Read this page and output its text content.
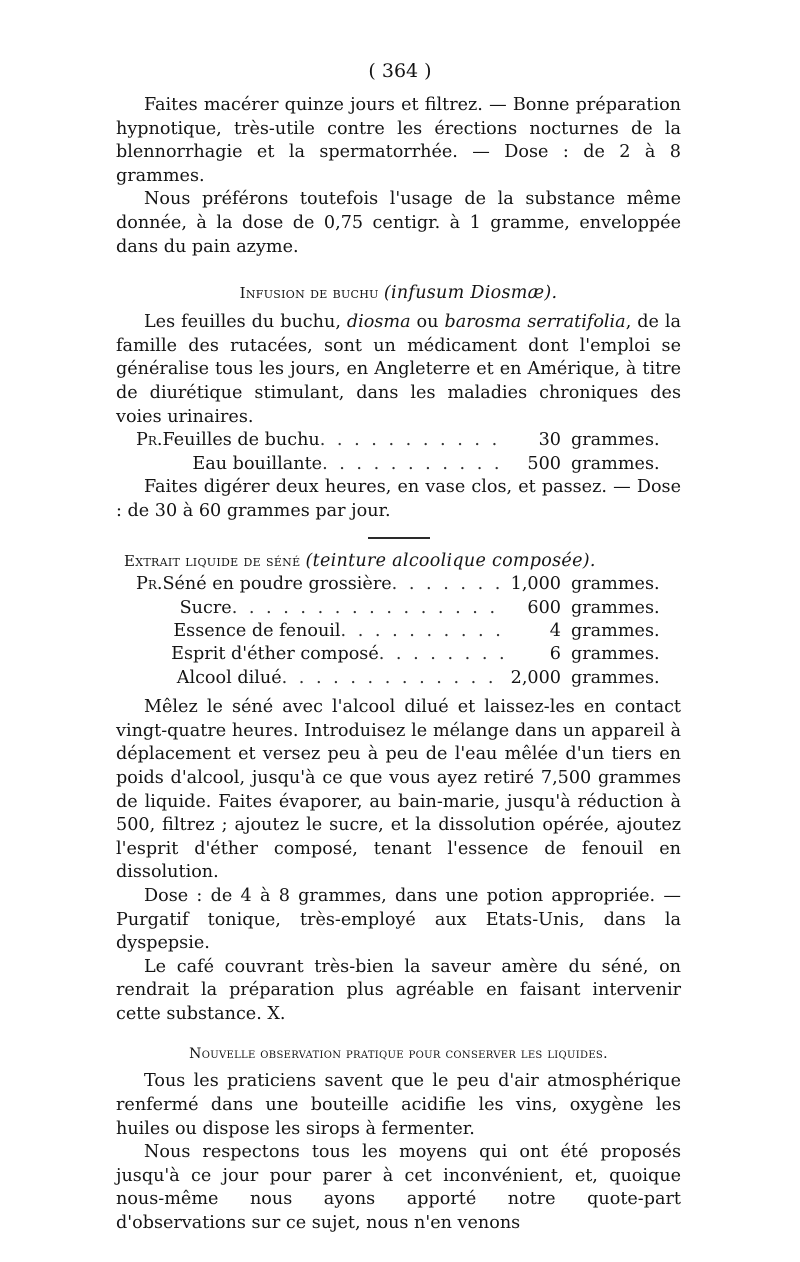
( 364 )

Faites macérer quinze jours et filtrez. — Bonne préparation hypnotique, très-utile contre les érections nocturnes de la blennorrhagie et la spermatorrhée. — Dose : de 2 à 8 grammes.

Nous préférons toutefois l'usage de la substance même donnée, à la dose de 0,75 centigr. à 1 gramme, enveloppée dans du pain azyme.

Infusion de buchu (infusum Diosmæ).

Les feuilles du buchu, diosma ou barosma serratifolia, de la famille des rutacées, sont un médicament dont l'emploi se généralise tous les jours, en Angleterre et en Amérique, à titre de diurétique stimulant, dans les maladies chroniques des voies urinaires.

Pr. Feuilles de buchu . . .	30 grammes.
Eau bouillante . . .	500 grammes.

Faites digérer deux heures, en vase clos, et passez. — Dose : de 30 à 60 grammes par jour.

Extrait liquide de séné (teinture alcoolique composée).
Pr. Séné en poudre grossière . . .	1,000 grammes.
Sucre . . .	600 grammes.
Essence de fenouil . . .	4 grammes.
Esprit d'éther composé . . .	6 grammes.
Alcool dilué . . .	2,000 grammes.

Mêlez le séné avec l'alcool dilué et laissez-les en contact vingt-quatre heures. Introduisez le mélange dans un appareil à déplacement et versez peu à peu de l'eau mêlée d'un tiers en poids d'alcool, jusqu'à ce que vous ayez retiré 7,500 grammes de liquide. Faites évaporer, au bain-marie, jusqu'à réduction à 500, filtrez ; ajoutez le sucre, et la dissolution opérée, ajoutez l'esprit d'éther composé, tenant l'essence de fenouil en dissolution.

Dose : de 4 à 8 grammes, dans une potion appropriée. — Purgatif tonique, très-employé aux Etats-Unis, dans la dyspepsie.

Le café couvrant très-bien la saveur amère du séné, on rendrait la préparation plus agréable en faisant intervenir cette substance. X.

Nouvelle observation pratique pour conserver les liquides.

Tous les praticiens savent que le peu d'air atmosphérique renfermé dans une bouteille acidifie les vins, oxygène les huiles ou dispose les sirops à fermenter.

Nous respectons tous les moyens qui ont été proposés jusqu'à ce jour pour parer à cet inconvénient, et, quoique nous-même nous ayons apporté notre quote-part d'observations sur ce sujet, nous n'en venons
